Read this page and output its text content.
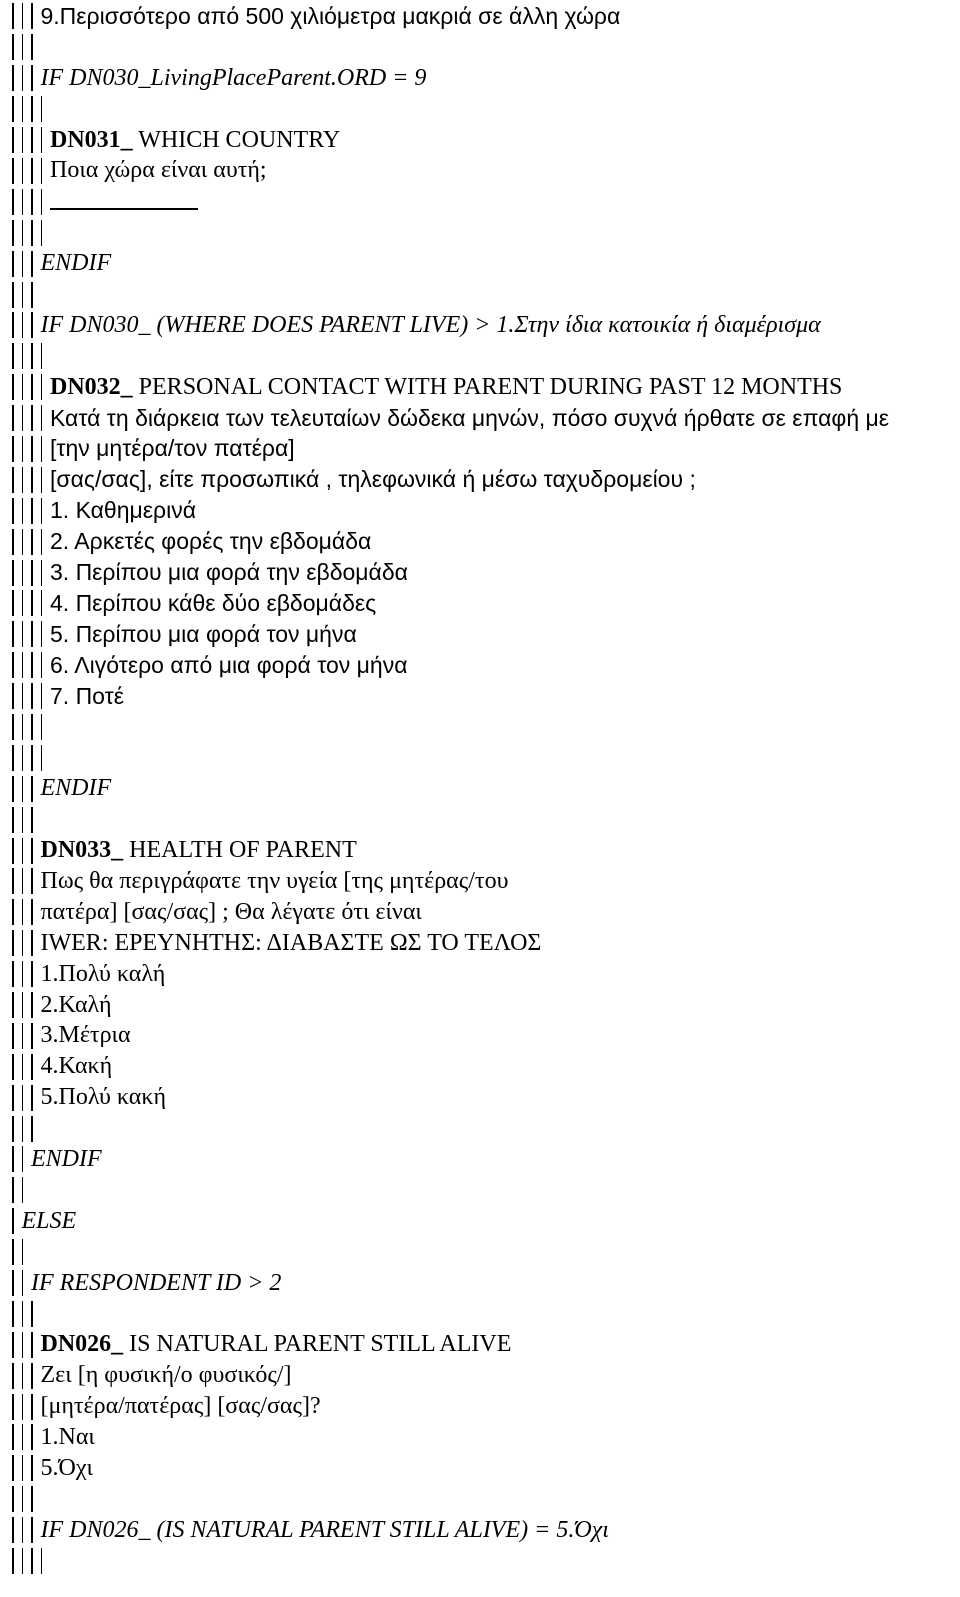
9.Περισσότερο από 500 χιλιόμετρα μακριά σε άλλη χώρα
IF DN030_LivingPlaceParent.ORD = 9
DN031_ WHICH COUNTRY
Ποια χώρα είναι αυτή;
ENDIF
IF DN030_ (WHERE DOES PARENT LIVE) > 1.Στην ίδια κατοικία ή διαμέρισμα
DN032_ PERSONAL CONTACT WITH PARENT DURING PAST 12 MONTHS
Κατά τη διάρκεια των τελευταίων δώδεκα μηνών, πόσο συχνά ήρθατε σε επαφή με
[την μητέρα/τον πατέρα]
[σας/σας], είτε προσωπικά , τηλεφωνικά ή μέσω ταχυδρομείου ;
1. Καθημερινά
2. Αρκετές φορές την εβδομάδα
3. Περίπου μια φορά την εβδομάδα
4. Περίπου κάθε δύο εβδομάδες
5. Περίπου μια φορά τον μήνα
6. Λιγότερο από μια φορά τον μήνα
7. Ποτέ
ENDIF
DN033_ HEALTH OF PARENT
Πως θα περιγράφατε την υγεία [της μητέρας/του
πατέρα] [σας/σας] ; Θα λέγατε ότι είναι
IWER: ΕΡΕΥΝΗΤΗΣ: ΔΙΑΒΑΣΤΕ ΩΣ ΤΟ ΤΕΛΟΣ
1.Πολύ καλή
2.Καλή
3.Μέτρια
4.Κακή
5.Πολύ κακή
ENDIF
ELSE
IF RESPONDENT ID > 2
DN026_ IS NATURAL PARENT STILL ALIVE
Ζει [η φυσική/ο φυσικός/]
[μητέρα/πατέρας] [σας/σας]?
1.Ναι
5.Όχι
IF DN026_ (IS NATURAL PARENT STILL ALIVE) = 5.Όχι
